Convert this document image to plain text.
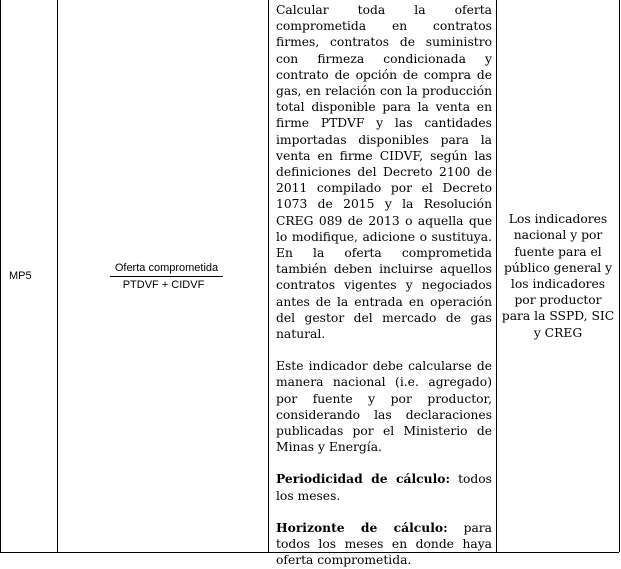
MP5
Oferta comprometida
PTDVF + CIDVF

Calcular toda la oferta comprometida en contratos firmes, contratos de suministro con firmeza condicionada y contrato de opción de compra de gas, en relación con la producción total disponible para la venta en firme PTDVF y las cantidades importadas disponibles para la venta en firme CIDVF, según las definiciones del Decreto 2100 de 2011 compilado por el Decreto 1073 de 2015 y la Resolución CREG 089 de 2013 o aquella que lo modifique, adicione o sustituya. En la oferta comprometida también deben incluirse aquellos contratos vigentes y negociados antes de la entrada en operación del gestor del mercado de gas natural.

Este indicador debe calcularse de manera nacional (i.e. agregado) por fuente y por productor, considerando las declaraciones publicadas por el Ministerio de Minas y Energía.

Periodicidad de cálculo: todos los meses.

Horizonte de cálculo: para todos los meses en donde haya oferta comprometida.

Los indicadores nacional y por fuente para el público general y los indicadores por productor para la SSPD, SIC y CREG
